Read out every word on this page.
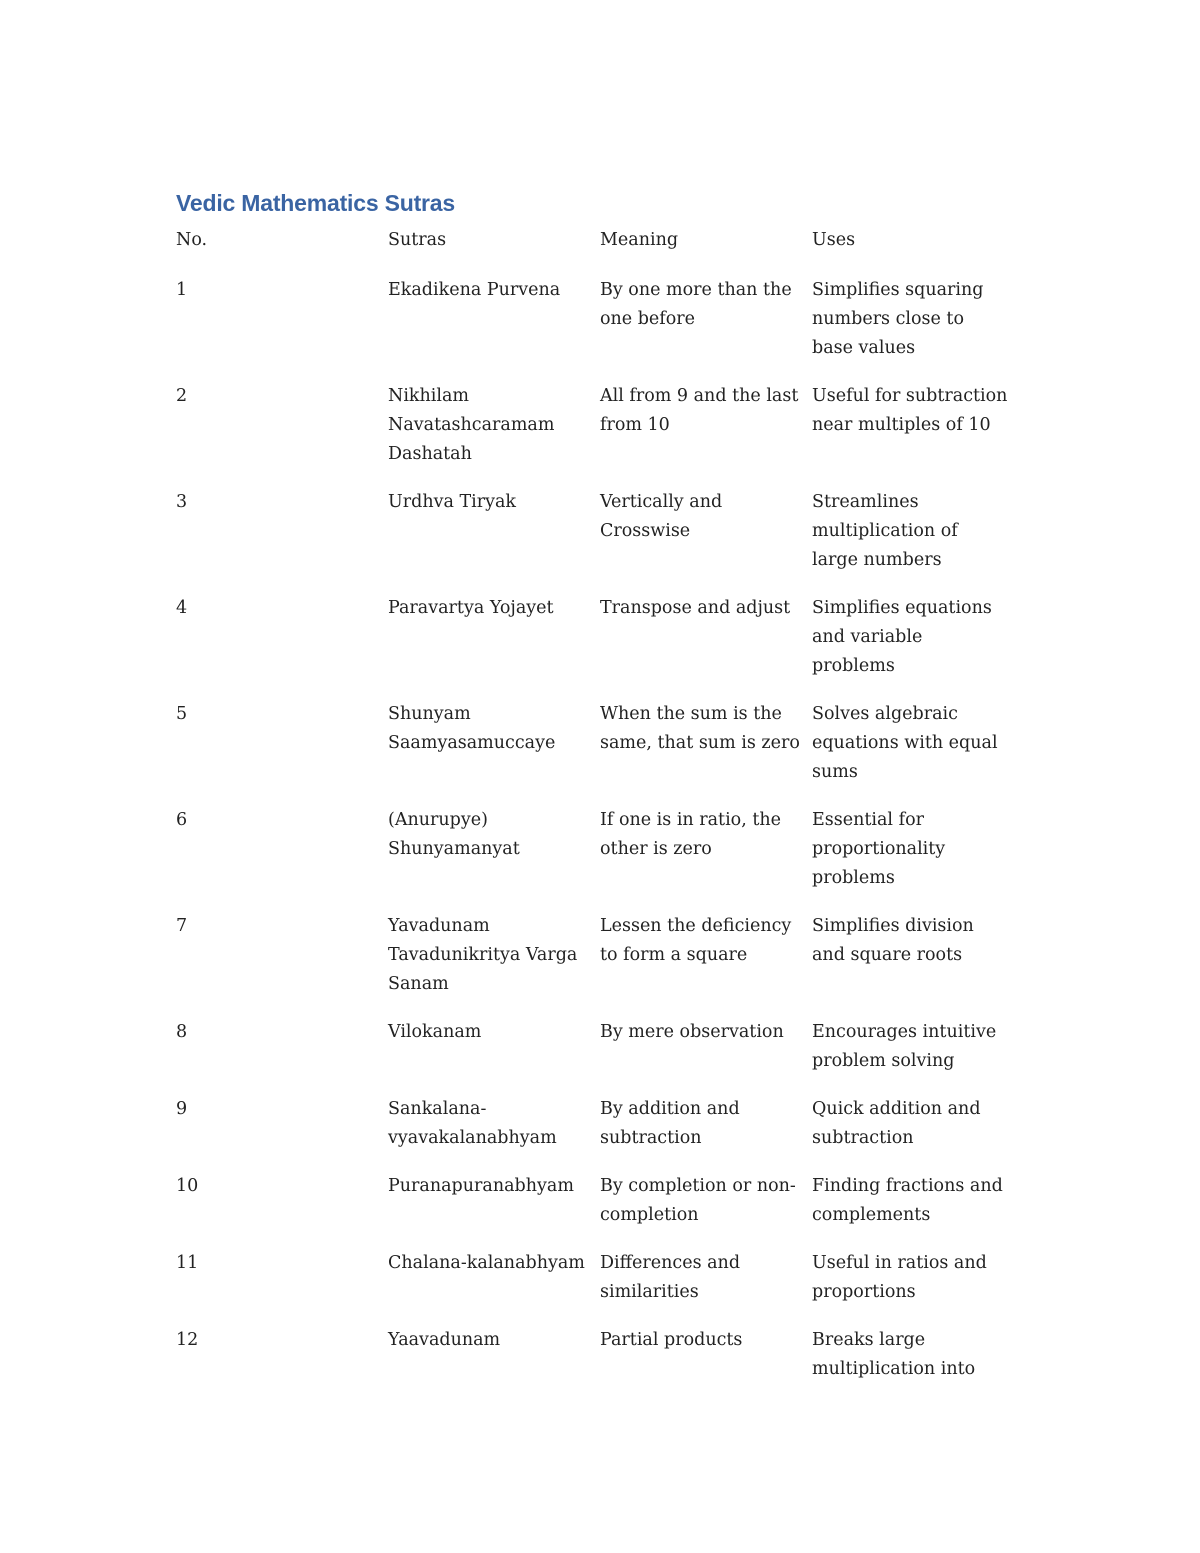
Vedic Mathematics Sutras
No.	Sutras	Meaning	Uses

1	Ekadikena Purvena	By one more than the one before	Simplifies squaring numbers close to base values

2	Nikhilam Navatashcaramam Dashatah	All from 9 and the last from 10	Useful for subtraction near multiples of 10

3	Urdhva Tiryak	Vertically and Crosswise	Streamlines multiplication of large numbers

4	Paravartya Yojayet	Transpose and adjust	Simplifies equations and variable problems

5	Shunyam Saamyasamuccaye	When the sum is the same, that sum is zero	Solves algebraic equations with equal sums

6	(Anurupye) Shunyamanyat	If one is in ratio, the other is zero	Essential for proportionality problems

7	Yavadunam Tavadunikritya Varga Sanam	Lessen the deficiency to form a square	Simplifies division and square roots

8	Vilokanam	By mere observation	Encourages intuitive problem solving

9	Sankalana-vyavakalanabhyam	By addition and subtraction	Quick addition and subtraction

10	Puranapuranabhyam	By completion or non-completion	Finding fractions and complements

11	Chalana-kalanabhyam	Differences and similarities	Useful in ratios and proportions

12	Yaavadunam	Partial products	Breaks large multiplication into
